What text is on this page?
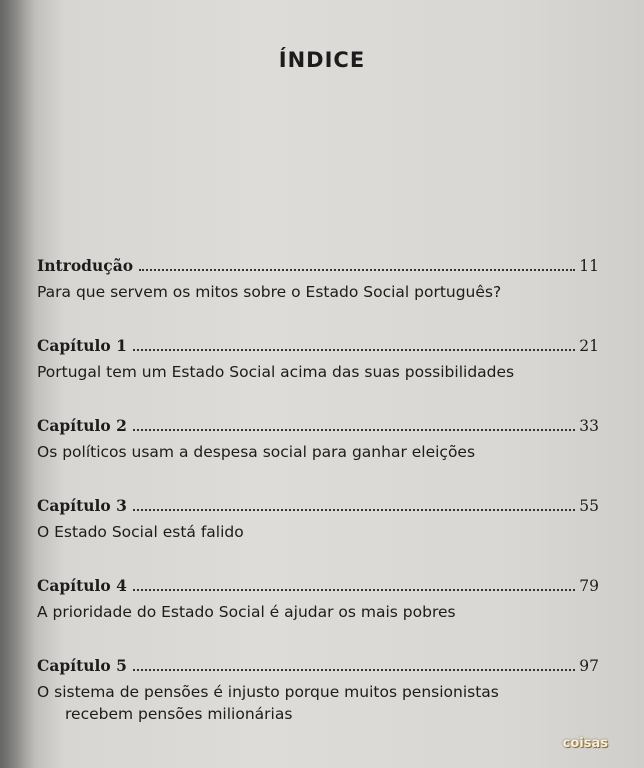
ÍNDICE
Introdução	11
Para que servem os mitos sobre o Estado Social português?
Capítulo 1	21
Portugal tem um Estado Social acima das suas possibilidades
Capítulo 2	33
Os políticos usam a despesa social para ganhar eleições
Capítulo 3	55
O Estado Social está falido
Capítulo 4	79
A prioridade do Estado Social é ajudar os mais pobres
Capítulo 5	97
O sistema de pensões é injusto porque muitos pensionistas
recebem pensões milionárias
coisas
